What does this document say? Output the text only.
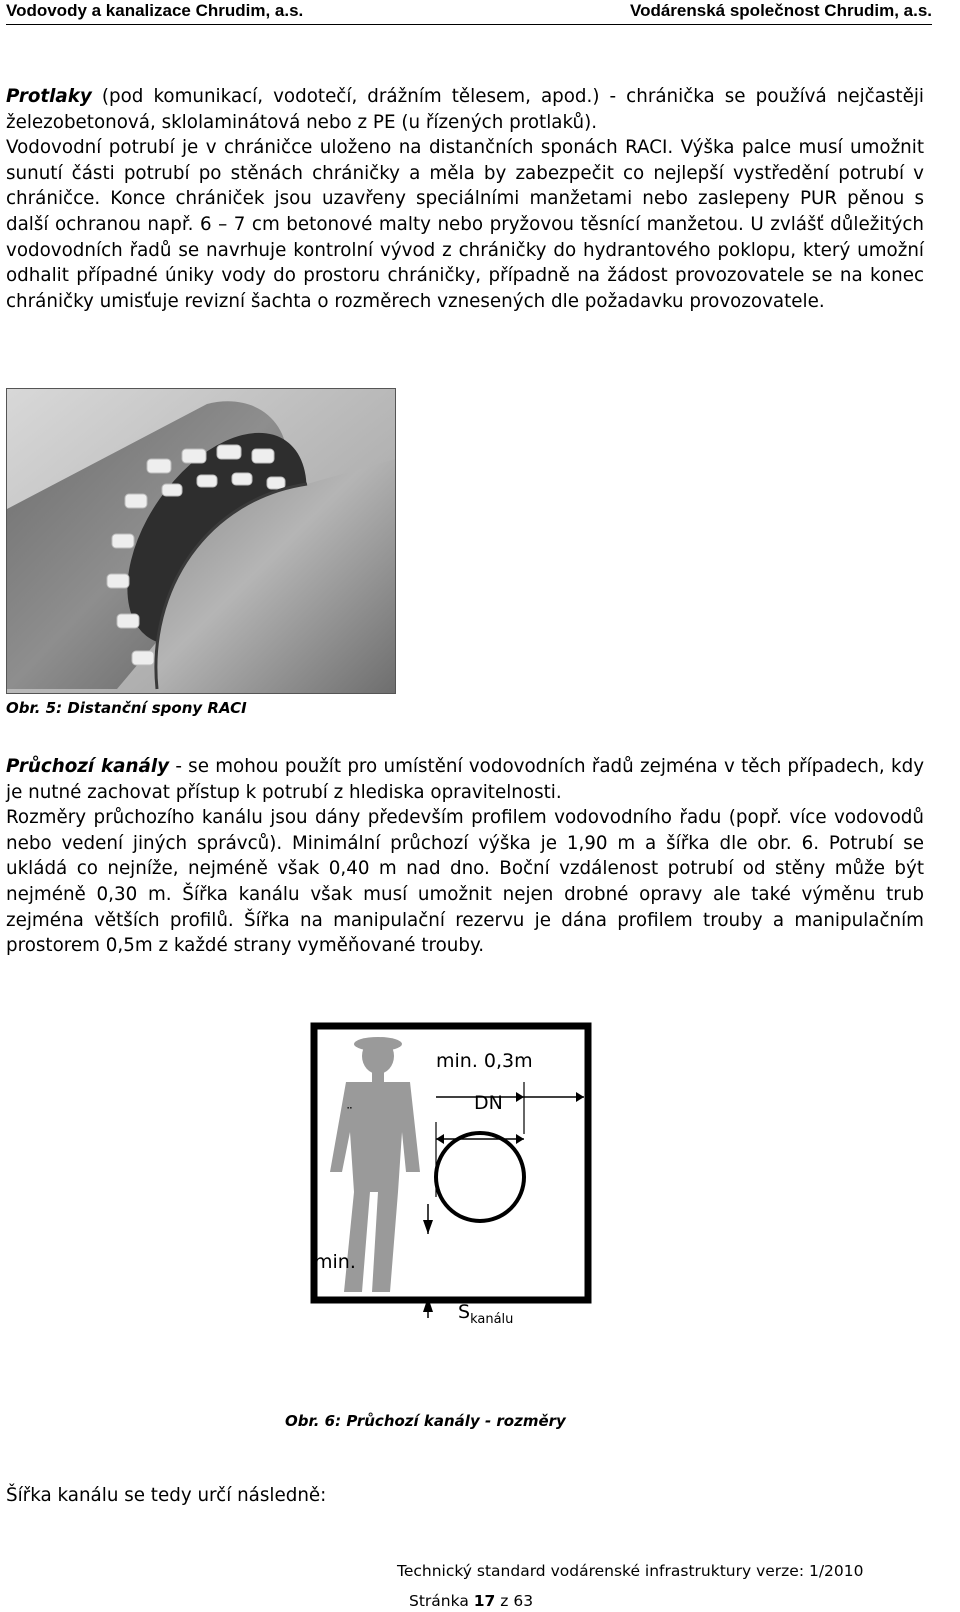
Vodovody a kanalizace Chrudim, a.s.	Vodárenská společnost Chrudim, a.s.

Protlaky (pod komunikací, vodotečí, drážním tělesem, apod.) - chránička se používá nejčastěji železobetonová, sklolaminátová nebo z PE (u řízených protlaků).

Vodovodní potrubí je v chráničce uloženo na distančních sponách RACI. Výška palce musí umožnit sunutí části potrubí po stěnách chráničky a měla by zabezpečit co nejlepší vystředění potrubí v chráničce. Konce chrániček jsou uzavřeny speciálními manžetami nebo zaslepeny PUR pěnou s další ochranou např. 6 – 7 cm betonové malty nebo pryžovou těsnící manžetou. U zvlášť důležitých vodovodních řadů se navrhuje kontrolní vývod z chráničky do hydrantového poklopu, který umožní odhalit případné úniky vody do prostoru chráničky, případně na žádost provozovatele se na konec chráničky umisťuje revizní šachta o rozměrech vznesených dle požadavku provozovatele.

Obr. 5: Distanční spony RACI

Průchozí kanály - se mohou použít pro umístění vodovodních řadů zejména v těch případech, kdy je nutné zachovat přístup k potrubí z hlediska opravitelnosti.

Rozměry průchozího kanálu jsou dány především profilem vodovodního řadu (popř. více vodovodů nebo vedení jiných správců). Minimální průchozí výška je 1,90 m a šířka dle obr. 6. Potrubí se ukládá co nejníže, nejméně však 0,40 m nad dno. Boční vzdálenost potrubí od stěny může být nejméně 0,30 m. Šířka kanálu však musí umožnit nejen drobné opravy ale také výměnu trub zejména větších profilů. Šířka na manipulační rezervu je dána profilem trouby a manipulačním prostorem 0,5m z každé strany vyměňované trouby.

min. 0,3m
DN
¨
min.
$Š_{kanálu}$
Obr. 6: Průchozí kanály - rozměry
Šířka kanálu se tedy určí následně:
Technický standard vodárenské infrastruktury verze: 1/2010
Stránka 17 z 63
